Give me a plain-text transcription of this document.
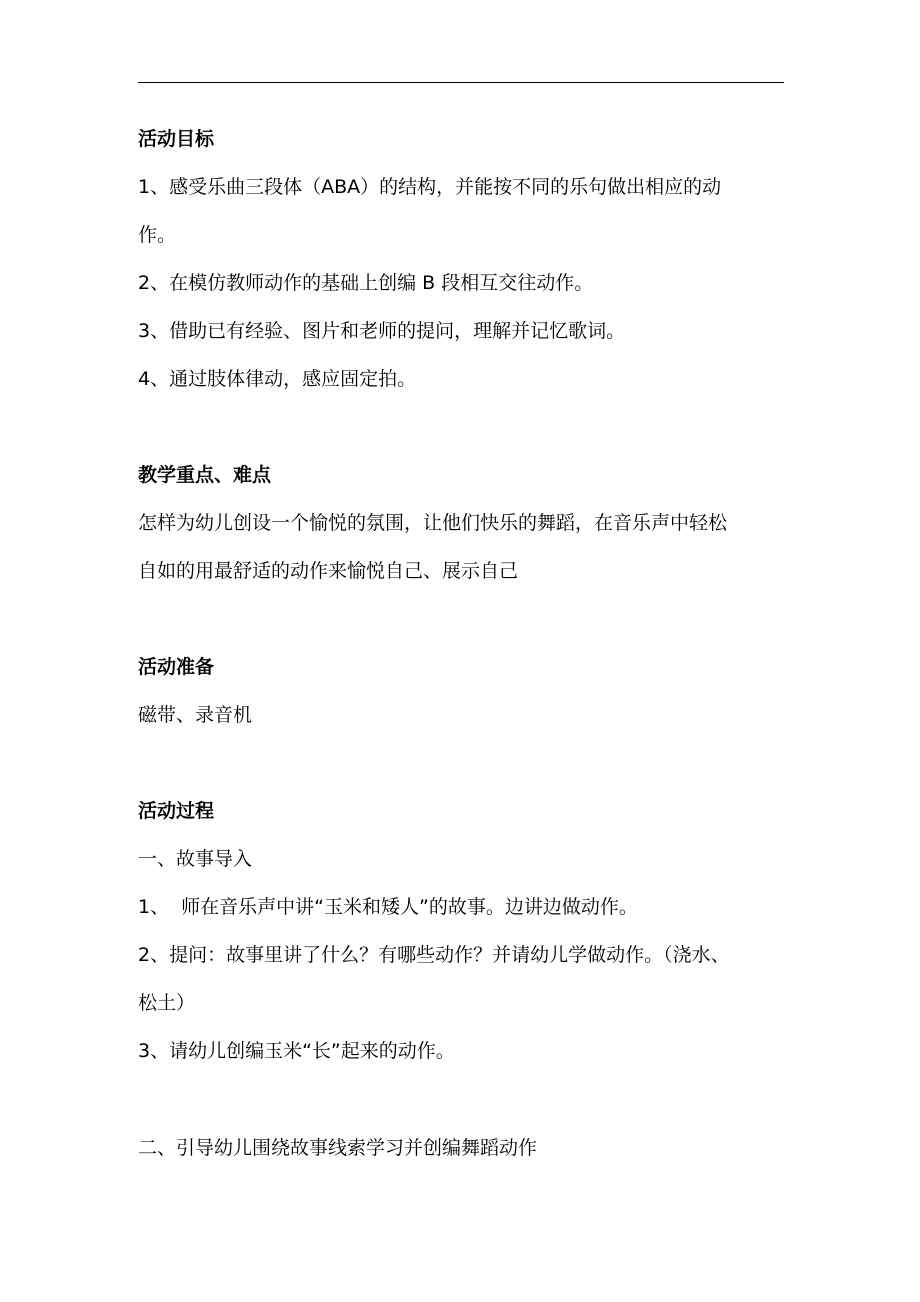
活动目标
1、感受乐曲三段体（ABA）的结构，并能按不同的乐句做出相应的动
作。
2、在模仿教师动作的基础上创编 B 段相互交往动作。
3、借助已有经验、图片和老师的提问，理解并记忆歌词。
4、通过肢体律动，感应固定拍。
教学重点、难点
怎样为幼儿创设一个愉悦的氛围，让他们快乐的舞蹈，在音乐声中轻松
自如的用最舒适的动作来愉悦自己、展示自己
活动准备
磁带、录音机
活动过程
一、故事导入
1、  师在音乐声中讲“玉米和矮人”的故事。边讲边做动作。
2、提问：故事里讲了什么？有哪些动作？并请幼儿学做动作。（浇水、
松土）
3、请幼儿创编玉米“长”起来的动作。
二、引导幼儿围绕故事线索学习并创编舞蹈动作
